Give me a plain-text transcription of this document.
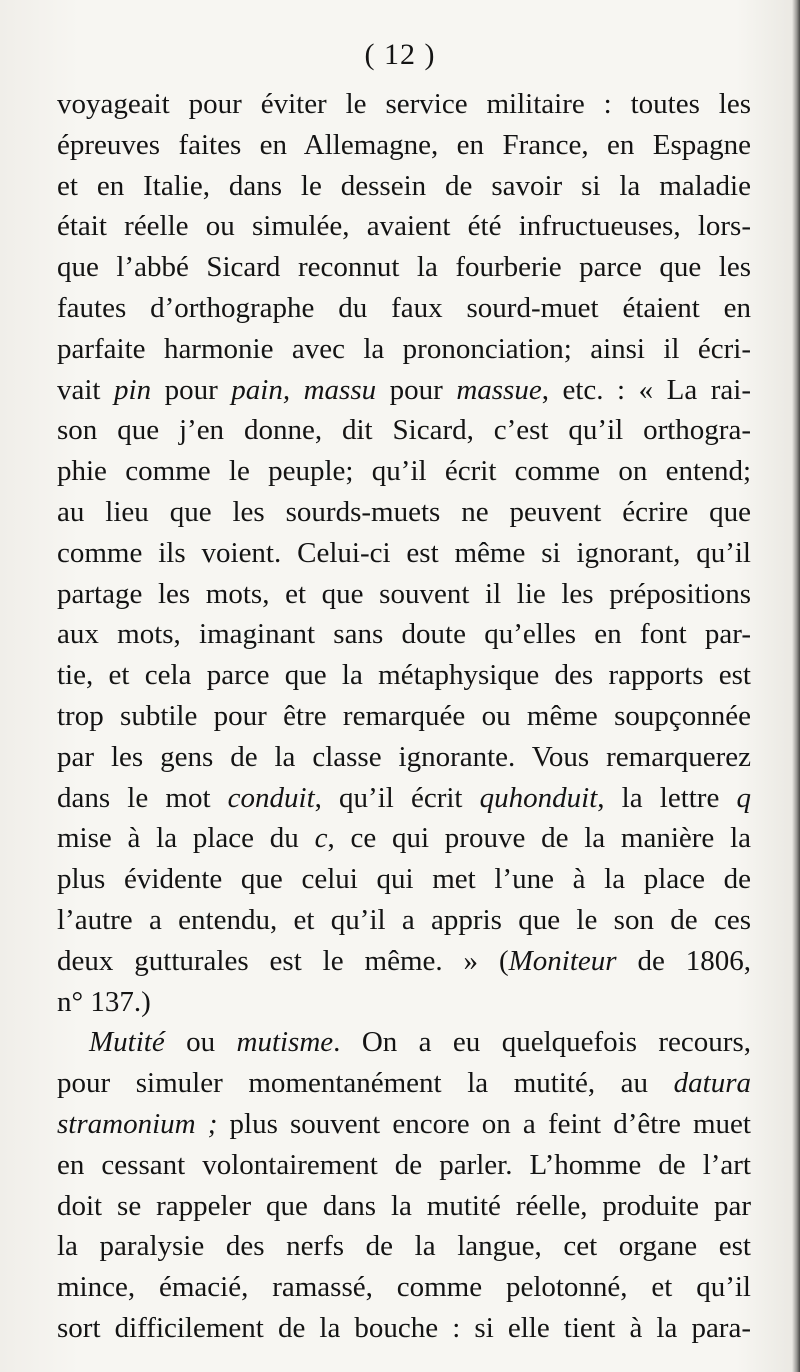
( 12 )
voyageait pour éviter le service militaire : toutes les
épreuves faites en Allemagne, en France, en Espagne
et en Italie, dans le dessein de savoir si la maladie
était réelle ou simulée, avaient été infructueuses, lors-
que l’abbé Sicard reconnut la fourberie parce que les
fautes d’orthographe du faux sourd-muet étaient en
parfaite harmonie avec la prononciation; ainsi il écri-
vait pin pour pain, massu pour massue, etc. : « La rai-
son que j’en donne, dit Sicard, c’est qu’il orthogra-
phie comme le peuple; qu’il écrit comme on entend;
au lieu que les sourds-muets ne peuvent écrire que
comme ils voient. Celui-ci est même si ignorant, qu’il
partage les mots, et que souvent il lie les prépositions
aux mots, imaginant sans doute qu’elles en font par-
tie, et cela parce que la métaphysique des rapports est
trop subtile pour être remarquée ou même soupçonnée
par les gens de la classe ignorante. Vous remarquerez
dans le mot conduit, qu’il écrit quhonduit, la lettre q
mise à la place du c, ce qui prouve de la manière la
plus évidente que celui qui met l’une à la place de
l’autre a entendu, et qu’il a appris que le son de ces
deux gutturales est le même. » (Moniteur de 1806,
n° 137.)
Mutité ou mutisme. On a eu quelquefois recours,
pour simuler momentanément la mutité, au datura
stramonium ; plus souvent encore on a feint d’être muet
en cessant volontairement de parler. L’homme de l’art
doit se rappeler que dans la mutité réelle, produite par
la paralysie des nerfs de la langue, cet organe est
mince, émacié, ramassé, comme pelotonné, et qu’il
sort difficilement de la bouche : si elle tient à la para-
